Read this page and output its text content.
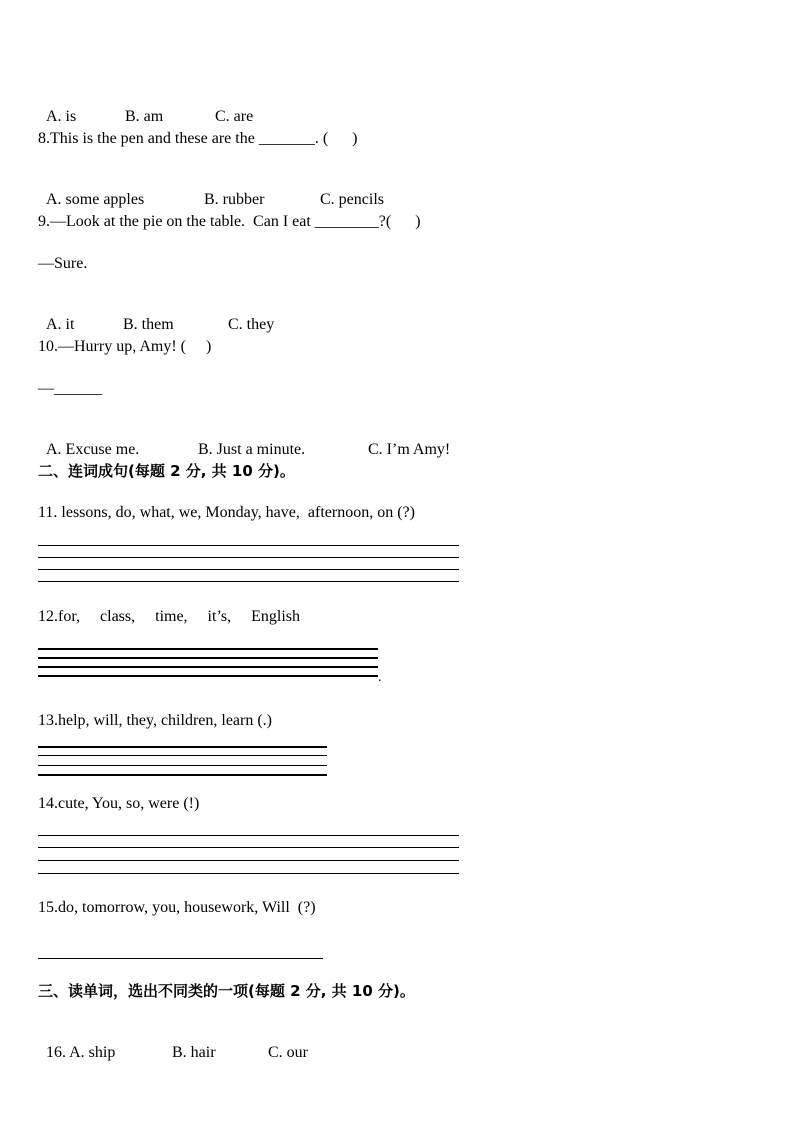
A. is	B. am	C. are

8.This is the pen and these are the _______. (      )

A. some apples	B. rubber	C. pencils

9.—Look at the pie on the table.  Can I eat ________?(      )
—Sure.

A. it	B. them	C. they

10.—Hurry up, Amy! (     )
—______

A. Excuse me.	B. Just a minute.	C. I’m Amy!

二、连词成句(每题 2 分, 共 10 分)。
11. lessons, do, what, we, Monday, have,  afternoon, on (?)
12.for,     class,     time,     it’s,     English
.
13.help, will, they, children, learn (.)
14.cute, You, so, were (!)
15.do, tomorrow, you, housework, Will  (?)
三、读单词，选出不同类的一项(每题 2 分, 共 10 分)。

16. A. ship	B. hair	C. our
